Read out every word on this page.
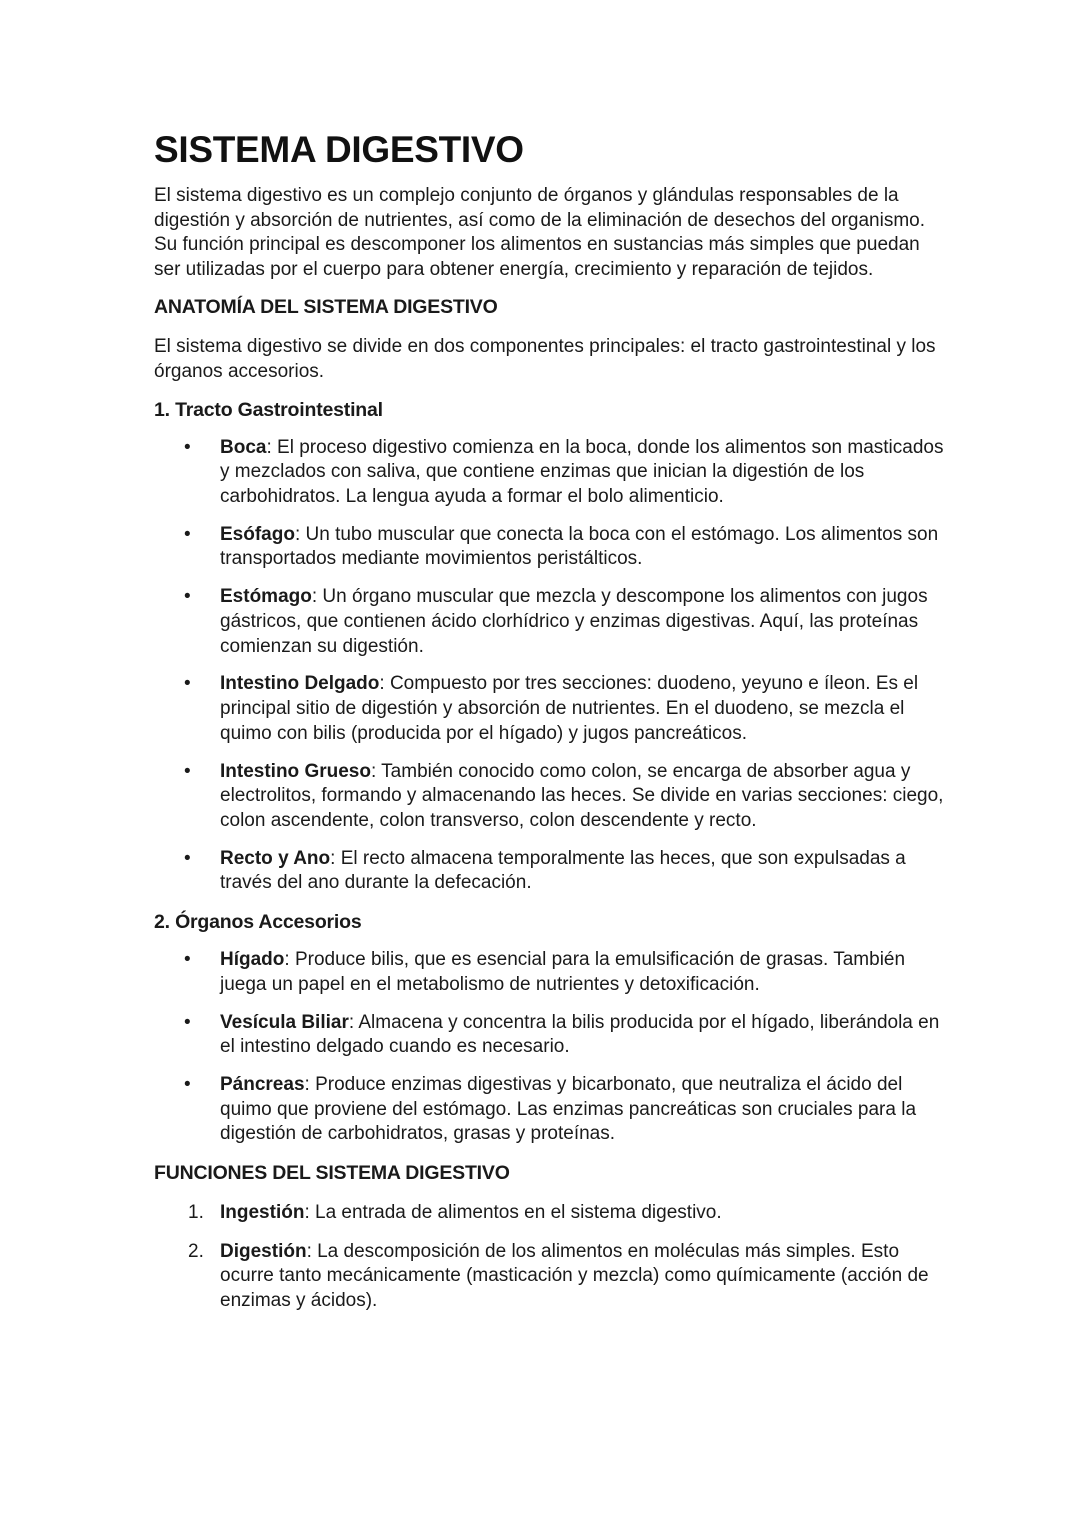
SISTEMA DIGESTIVO

El sistema digestivo es un complejo conjunto de órganos y glándulas responsables de la digestión y absorción de nutrientes, así como de la eliminación de desechos del organismo. Su función principal es descomponer los alimentos en sustancias más simples que puedan ser utilizadas por el cuerpo para obtener energía, crecimiento y reparación de tejidos.

ANATOMÍA DEL SISTEMA DIGESTIVO

El sistema digestivo se divide en dos componentes principales: el tracto gastrointestinal y los órganos accesorios.

1. Tracto Gastrointestinal
• Boca: El proceso digestivo comienza en la boca, donde los alimentos son masticados y mezclados con saliva, que contiene enzimas que inician la digestión de los carbohidratos. La lengua ayuda a formar el bolo alimenticio.
• Esófago: Un tubo muscular que conecta la boca con el estómago. Los alimentos son transportados mediante movimientos peristálticos.
• Estómago: Un órgano muscular que mezcla y descompone los alimentos con jugos gástricos, que contienen ácido clorhídrico y enzimas digestivas. Aquí, las proteínas comienzan su digestión.
• Intestino Delgado: Compuesto por tres secciones: duodeno, yeyuno e íleon. Es el principal sitio de digestión y absorción de nutrientes. En el duodeno, se mezcla el quimo con bilis (producida por el hígado) y jugos pancreáticos.
• Intestino Grueso: También conocido como colon, se encarga de absorber agua y electrolitos, formando y almacenando las heces. Se divide en varias secciones: ciego, colon ascendente, colon transverso, colon descendente y recto.
• Recto y Ano: El recto almacena temporalmente las heces, que son expulsadas a través del ano durante la defecación.
2. Órganos Accesorios
• Hígado: Produce bilis, que es esencial para la emulsificación de grasas. También juega un papel en el metabolismo de nutrientes y detoxificación.
• Vesícula Biliar: Almacena y concentra la bilis producida por el hígado, liberándola en el intestino delgado cuando es necesario.
• Páncreas: Produce enzimas digestivas y bicarbonato, que neutraliza el ácido del quimo que proviene del estómago. Las enzimas pancreáticas son cruciales para la digestión de carbohidratos, grasas y proteínas.
FUNCIONES DEL SISTEMA DIGESTIVO
1. Ingestión: La entrada de alimentos en el sistema digestivo.
2. Digestión: La descomposición de los alimentos en moléculas más simples. Esto ocurre tanto mecánicamente (masticación y mezcla) como químicamente (acción de enzimas y ácidos).
